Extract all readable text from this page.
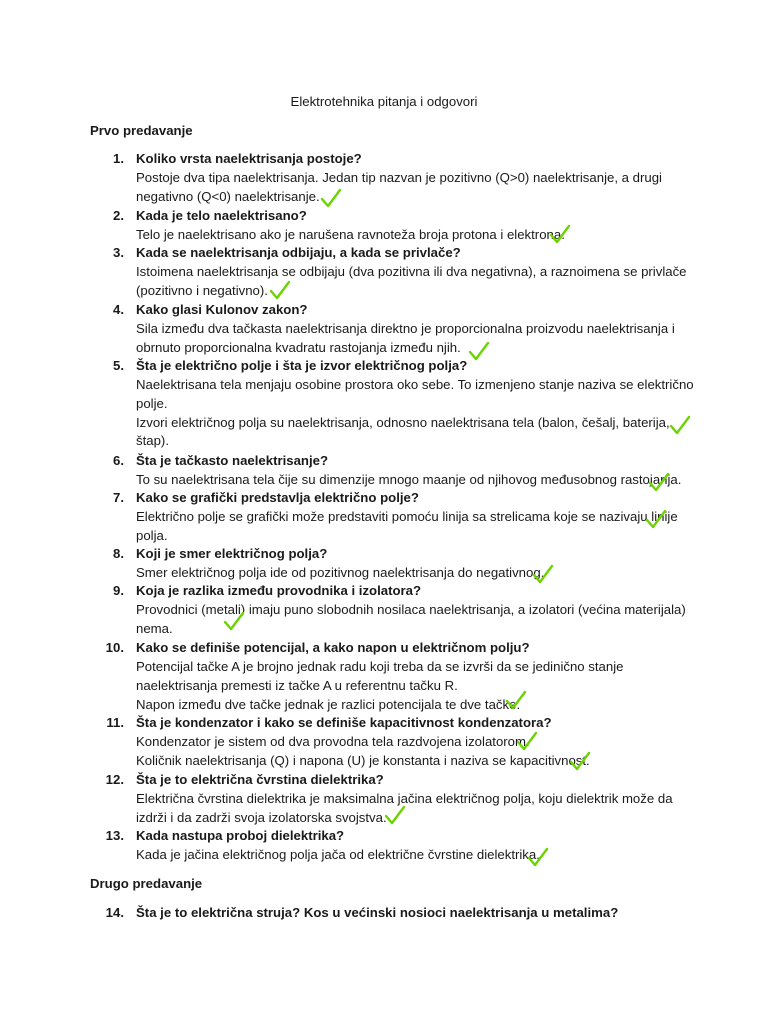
Elektrotehnika pitanja i odgovori
Prvo predavanje
1. Koliko vrsta naelektrisanja postoje?
Postoje dva tipa naelektrisanja. Jedan tip nazvan je pozitivno (Q>0) naelektrisanje, a drugi
negativno (Q<0) naelektrisanje.
2. Kada je telo naelektrisano?
Telo je naelektrisano ako je narušena ravnoteža broja protona i elektrona.
3. Kada se naelektrisanja odbijaju, a kada se privlače?
Istoimena naelektrisanja se odbijaju (dva pozitivna ili dva negativna), a raznoimena se privlače
(pozitivno i negativno).
4. Kako glasi Kulonov zakon?
Sila između dva tačkasta naelektrisanja direktno je proporcionalna proizvodu naelektrisanja i
obrnuto proporcionalna kvadratu rastojanja između njih.
5. Šta je električno polje i šta je izvor električnog polja?
Naelektrisana tela menjaju osobine prostora oko sebe. To izmenjeno stanje naziva se električno
polje.
Izvori električnog polja su naelektrisanja, odnosno naelektrisana tela (balon, češalj, baterija,
štap).
6. Šta je tačkasto naelektrisanje?
To su naelektrisana tela čije su dimenzije mnogo maanje od njihovog međusobnog rastojanja.
7. Kako se grafički predstavlja električno polje?
Električno polje se grafički može predstaviti pomoću linija sa strelicama koje se nazivaju linije
polja.
8. Koji je smer električnog polja?
Smer električnog polja ide od pozitivnog naelektrisanja do negativnog.
9. Koja je razlika između provodnika i izolatora?
Provodnici (metali) imaju puno slobodnih nosilaca naelektrisanja, a izolatori (većina materijala)
nema.
10. Kako se definiše potencijal, a kako napon u električnom polju?
Potencijal tačke A je brojno jednak radu koji treba da se izvrši da se jedinično stanje
naelektrisanja premesti iz tačke A u referentnu tačku R.
Napon između dve tačke jednak je razlici potencijala te dve tačke.
11. Šta je kondenzator i kako se definiše kapacitivnost kondenzatora?
Kondenzator je sistem od dva provodna tela razdvojena izolatorom.
Količnik naelektrisanja (Q) i napona (U) je konstanta i naziva se kapacitivnost.
12. Šta je to električna čvrstina dielektrika?
Električna čvrstina dielektrika je maksimalna jačina električnog polja, koju dielektrik može da
izdrži i da zadrži svoja izolatorska svojstva.
13. Kada nastupa proboj dielektrika?
Kada je jačina električnog polja jača od električne čvrstine dielektrika.
Drugo predavanje
14. Šta je to električna struja? Kos u većinski nosioci naelektrisanja u metalima?
